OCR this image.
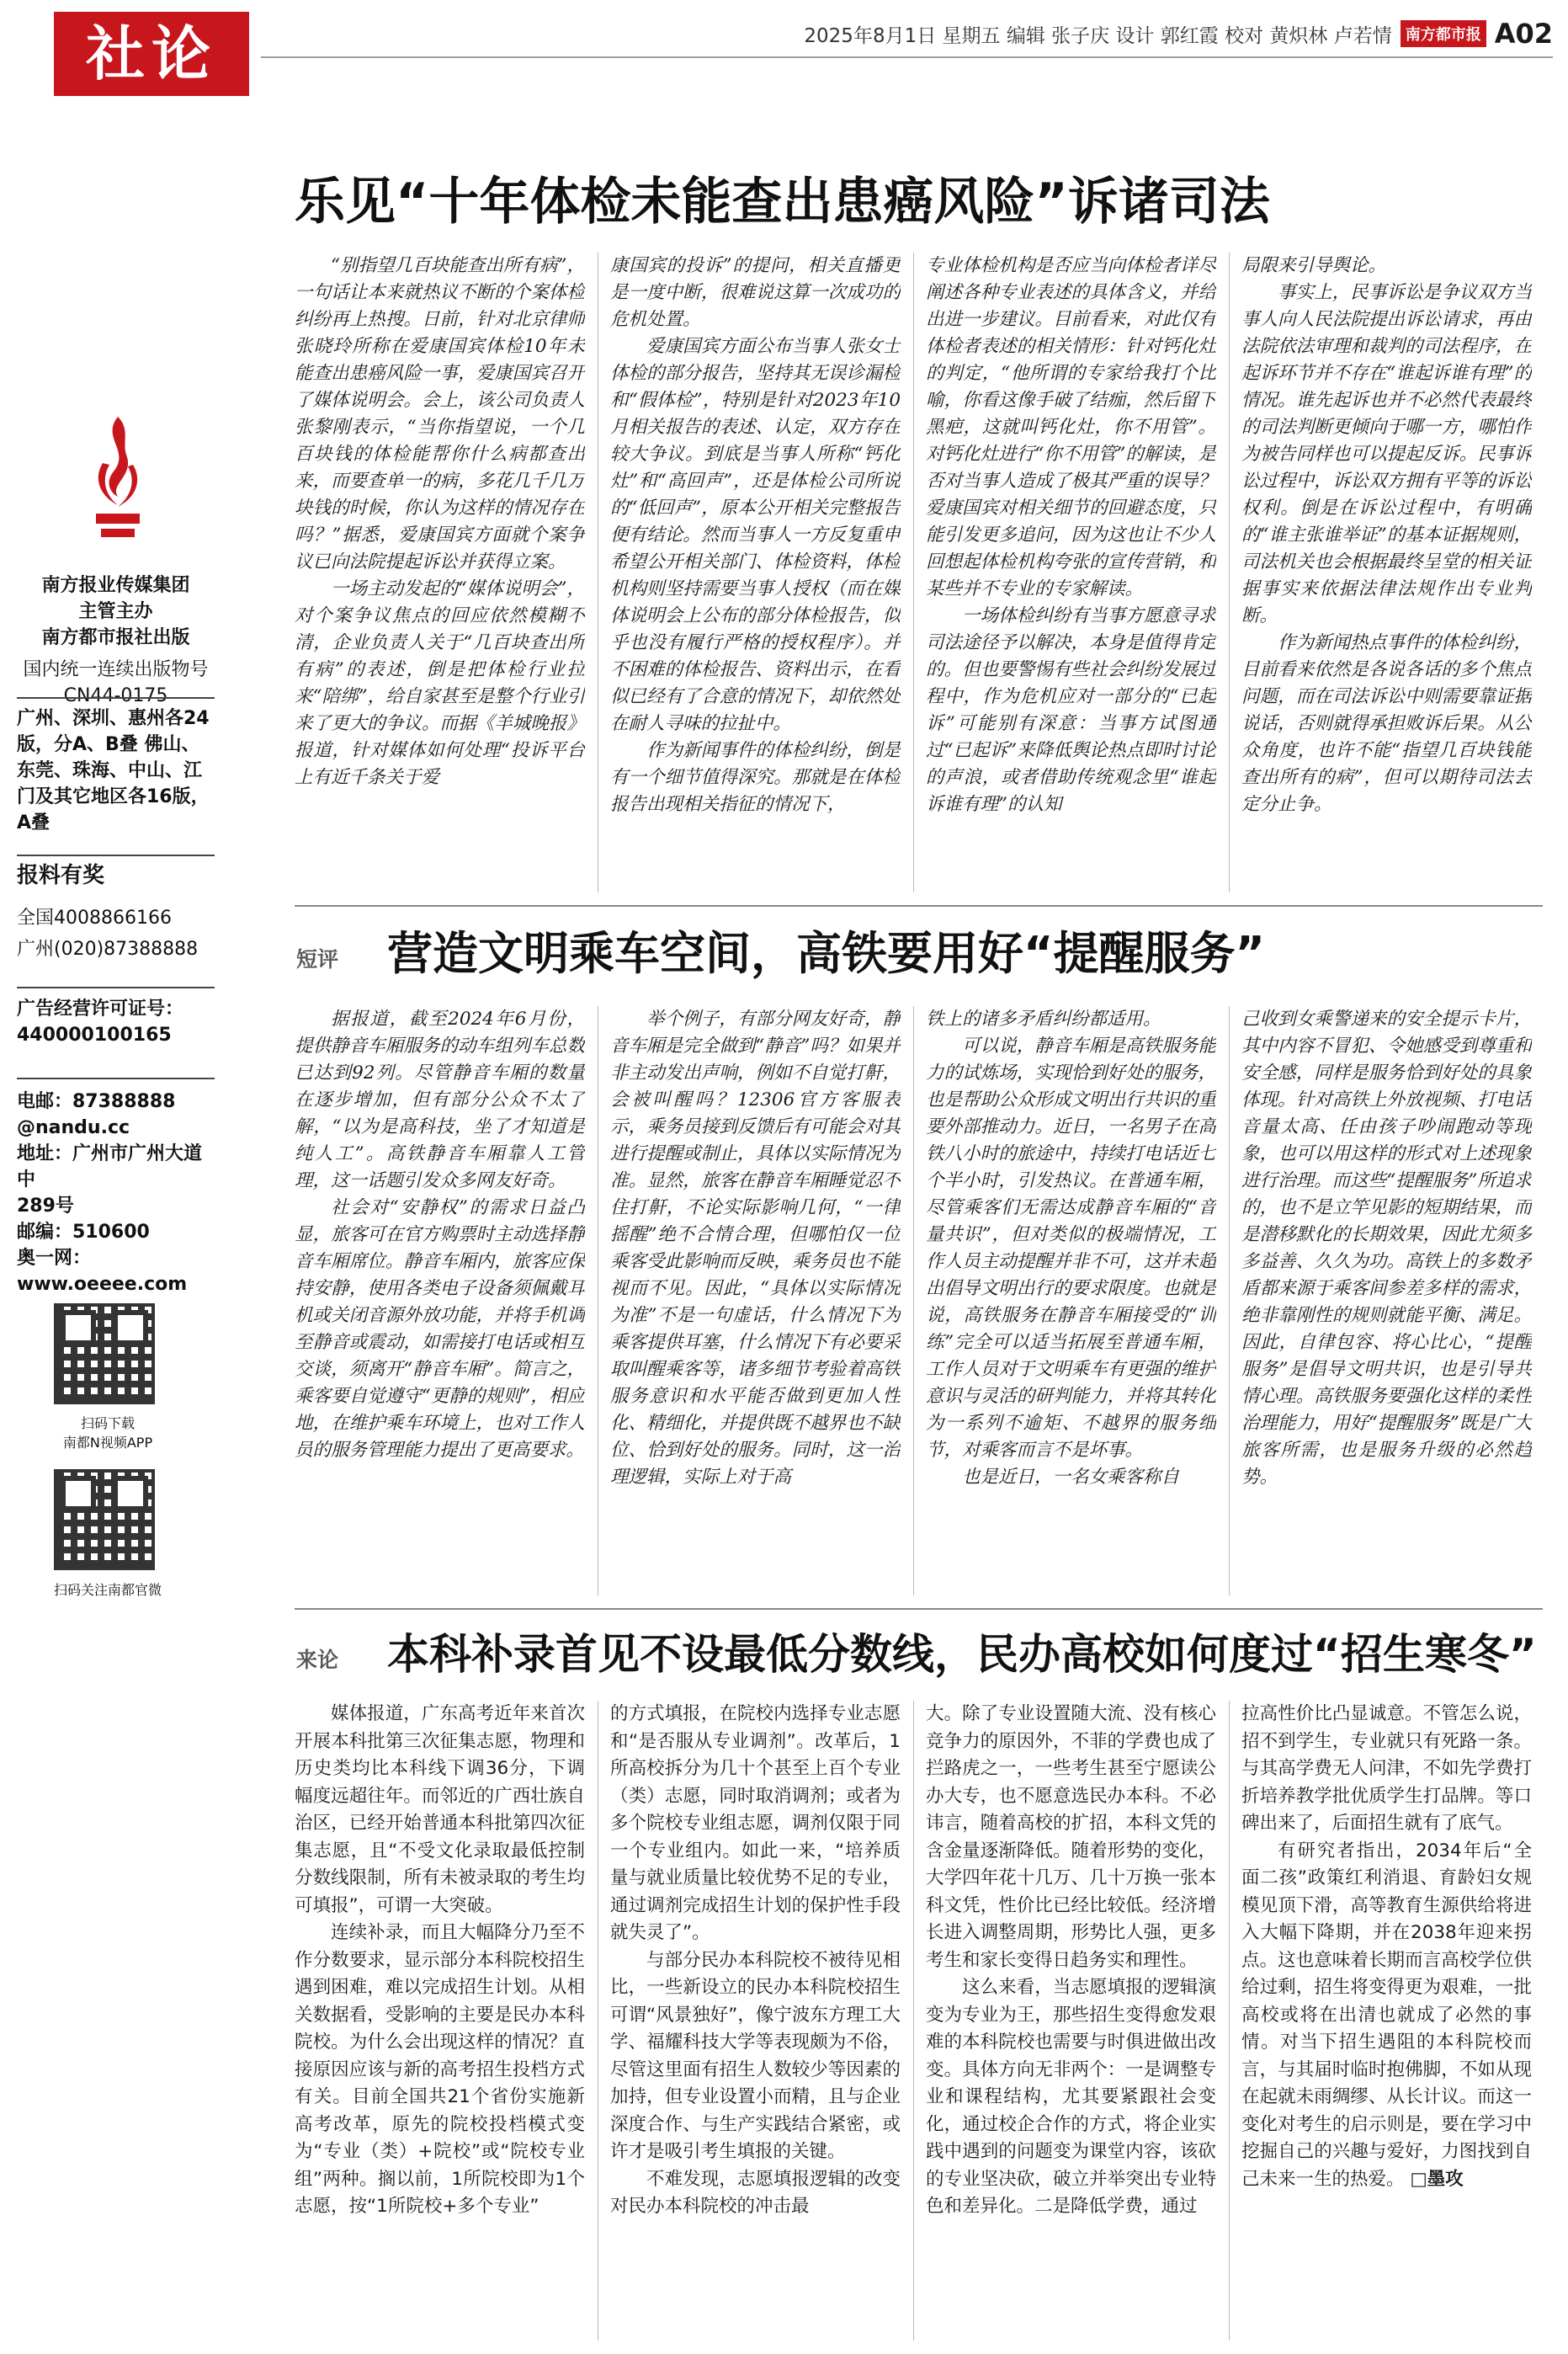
社论	2025年8月1日 星期五 编辑 张子庆 设计 郭红霞 校对 黄炽林 卢若情 南方都市报 A02
南方报业传媒集团
主管主办
南方都市报社出版
国内统一连续出版物号
CN44-0175
广州、深圳、惠州各24版，分A、B叠 佛山、东莞、珠海、中山、江门及其它地区各16版，A叠
报料有奖
全国4008866166
广州(020)87388888
广告经营许可证号：
440000100165
电邮：87388888
@nandu.cc
地址：广州市广州大道中
289号
邮编：510600
奥一网：
www.oeeee.com
扫码下载
南都N视频APP
扫码关注南都官微
乐见“十年体检未能查出患癌风险”诉诸司法

“别指望几百块能查出所有病”，一句话让本来就热议不断的个案体检纠纷再上热搜。日前，针对北京律师张晓玲所称在爱康国宾体检10年未能查出患癌风险一事，爱康国宾召开了媒体说明会。会上，该公司负责人张黎刚表示，“当你指望说，一个几百块钱的体检能帮你什么病都查出来，而要查单一的病，多花几千几万块钱的时候，你认为这样的情况存在吗？”据悉，爱康国宾方面就个案争议已向法院提起诉讼并获得立案。

一场主动发起的“媒体说明会”，对个案争议焦点的回应依然模糊不清，企业负责人关于“几百块查出所有病”的表述，倒是把体检行业拉来“陪绑”，给自家甚至是整个行业引来了更大的争议。而据《羊城晚报》报道，针对媒体如何处理“投诉平台上有近千条关于爱

康国宾的投诉”的提问，相关直播更是一度中断，很难说这算一次成功的危机处置。

爱康国宾方面公布当事人张女士体检的部分报告，坚持其无误诊漏检和“假体检”，特别是针对2023年10月相关报告的表述、认定，双方存在较大争议。到底是当事人所称“钙化灶”和“高回声”，还是体检公司所说的“低回声”，原本公开相关完整报告便有结论。然而当事人一方反复重申希望公开相关部门、体检资料，体检机构则坚持需要当事人授权（而在媒体说明会上公布的部分体检报告，似乎也没有履行严格的授权程序）。并不困难的体检报告、资料出示，在看似已经有了合意的情况下，却依然处在耐人寻味的拉扯中。

作为新闻事件的体检纠纷，倒是有一个细节值得深究。那就是在体检报告出现相关指征的情况下，

专业体检机构是否应当向体检者详尽阐述各种专业表述的具体含义，并给出进一步建议。目前看来，对此仅有体检者表述的相关情形：针对钙化灶的判定，“他所谓的专家给我打个比喻，你看这像手破了结痂，然后留下黑疤，这就叫钙化灶，你不用管”。对钙化灶进行“你不用管”的解读，是否对当事人造成了极其严重的误导？爱康国宾对相关细节的回避态度，只能引发更多追问，因为这也让不少人回想起体检机构夸张的宣传营销，和某些并不专业的专家解读。

一场体检纠纷有当事方愿意寻求司法途径予以解决，本身是值得肯定的。但也要警惕有些社会纠纷发展过程中，作为危机应对一部分的“已起诉”可能别有深意：当事方试图通过“已起诉”来降低舆论热点即时讨论的声浪，或者借助传统观念里“谁起诉谁有理”的认知

局限来引导舆论。

事实上，民事诉讼是争议双方当事人向人民法院提出诉讼请求，再由法院依法审理和裁判的司法程序，在起诉环节并不存在“谁起诉谁有理”的情况。谁先起诉也并不必然代表最终的司法判断更倾向于哪一方，哪怕作为被告同样也可以提起反诉。民事诉讼过程中，诉讼双方拥有平等的诉讼权利。倒是在诉讼过程中，有明确的“谁主张谁举证”的基本证据规则，司法机关也会根据最终呈堂的相关证据事实来依据法律法规作出专业判断。

作为新闻热点事件的体检纠纷，目前看来依然是各说各话的多个焦点问题，而在司法诉讼中则需要靠证据说话，否则就得承担败诉后果。从公众角度，也许不能“指望几百块钱能查出所有的病”，但可以期待司法去定分止争。

短评 营造文明乘车空间，高铁要用好“提醒服务”

据报道，截至2024年6月份，提供静音车厢服务的动车组列车总数已达到92列。尽管静音车厢的数量在逐步增加，但有部分公众不太了解，“以为是高科技，坐了才知道是纯人工”。高铁静音车厢靠人工管理，这一话题引发众多网友好奇。

社会对“安静权”的需求日益凸显，旅客可在官方购票时主动选择静音车厢席位。静音车厢内，旅客应保持安静，使用各类电子设备须佩戴耳机或关闭音源外放功能，并将手机调至静音或震动，如需接打电话或相互交谈，须离开“静音车厢”。简言之，乘客要自觉遵守“更静的规则”，相应地，在维护乘车环境上，也对工作人员的服务管理能力提出了更高要求。

举个例子，有部分网友好奇，静音车厢是完全做到“静音”吗？如果并非主动发出声响，例如不自觉打鼾，会被叫醒吗？12306官方客服表示，乘务员接到反馈后有可能会对其进行提醒或制止，具体以实际情况为准。显然，旅客在静音车厢睡觉忍不住打鼾，不论实际影响几何，“一律摇醒”绝不合情合理，但哪怕仅一位乘客受此影响而反映，乘务员也不能视而不见。因此，“具体以实际情况为准”不是一句虚话，什么情况下为乘客提供耳塞，什么情况下有必要采取叫醒乘客等，诸多细节考验着高铁服务意识和水平能否做到更加人性化、精细化，并提供既不越界也不缺位、恰到好处的服务。同时，这一治理逻辑，实际上对于高

铁上的诸多矛盾纠纷都适用。

可以说，静音车厢是高铁服务能力的试炼场，实现恰到好处的服务，也是帮助公众形成文明出行共识的重要外部推动力。近日，一名男子在高铁八小时的旅途中，持续打电话近七个半小时，引发热议。在普通车厢，尽管乘客们无需达成静音车厢的“音量共识”，但对类似的极端情况，工作人员主动提醒并非不可，这并未超出倡导文明出行的要求限度。也就是说，高铁服务在静音车厢接受的“训练”完全可以适当拓展至普通车厢，工作人员对于文明乘车有更强的维护意识与灵活的研判能力，并将其转化为一系列不逾矩、不越界的服务细节，对乘客而言不是坏事。

也是近日，一名女乘客称自

己收到女乘警递来的安全提示卡片，其中内容不冒犯、令她感受到尊重和安全感，同样是服务恰到好处的具象体现。针对高铁上外放视频、打电话音量太高、任由孩子吵闹跑动等现象，也可以用这样的形式对上述现象进行治理。而这些“提醒服务”所追求的，也不是立竿见影的短期结果，而是潜移默化的长期效果，因此尤须多多益善、久久为功。高铁上的多数矛盾都来源于乘客间参差多样的需求，绝非靠刚性的规则就能平衡、满足。因此，自律包容、将心比心，“提醒服务”是倡导文明共识，也是引导共情心理。高铁服务要强化这样的柔性治理能力，用好“提醒服务”既是广大旅客所需，也是服务升级的必然趋势。

来论 本科补录首见不设最低分数线，民办高校如何度过“招生寒冬”

媒体报道，广东高考近年来首次开展本科批第三次征集志愿，物理和历史类均比本科线下调36分，下调幅度远超往年。而邻近的广西壮族自治区，已经开始普通本科批第四次征集志愿，且“不受文化录取最低控制分数线限制，所有未被录取的考生均可填报”，可谓一大突破。

连续补录，而且大幅降分乃至不作分数要求，显示部分本科院校招生遇到困难，难以完成招生计划。从相关数据看，受影响的主要是民办本科院校。为什么会出现这样的情况？直接原因应该与新的高考招生投档方式有关。目前全国共21个省份实施新高考改革，原先的院校投档模式变为“专业（类）+院校”或“院校专业组”两种。搁以前，1所院校即为1个志愿，按“1所院校+多个专业”

的方式填报，在院校内选择专业志愿和“是否服从专业调剂”。改革后，1所高校拆分为几十个甚至上百个专业（类）志愿，同时取消调剂；或者为多个院校专业组志愿，调剂仅限于同一个专业组内。如此一来，“培养质量与就业质量比较优势不足的专业，通过调剂完成招生计划的保护性手段就失灵了”。

与部分民办本科院校不被待见相比，一些新设立的民办本科院校招生可谓“风景独好”，像宁波东方理工大学、福耀科技大学等表现颇为不俗，尽管这里面有招生人数较少等因素的加持，但专业设置小而精，且与企业深度合作、与生产实践结合紧密，或许才是吸引考生填报的关键。

不难发现，志愿填报逻辑的改变对民办本科院校的冲击最

大。除了专业设置随大流、没有核心竞争力的原因外，不菲的学费也成了拦路虎之一，一些考生甚至宁愿读公办大专，也不愿意选民办本科。不必讳言，随着高校的扩招，本科文凭的含金量逐渐降低。随着形势的变化，大学四年花十几万、几十万换一张本科文凭，性价比已经比较低。经济增长进入调整周期，形势比人强，更多考生和家长变得日趋务实和理性。

这么来看，当志愿填报的逻辑演变为专业为王，那些招生变得愈发艰难的本科院校也需要与时俱进做出改变。具体方向无非两个：一是调整专业和课程结构，尤其要紧跟社会变化，通过校企合作的方式，将企业实践中遇到的问题变为课堂内容，该砍的专业坚决砍，破立并举突出专业特色和差异化。二是降低学费，通过

拉高性价比凸显诚意。不管怎么说，招不到学生，专业就只有死路一条。与其高学费无人问津，不如先学费打折培养教学批优质学生打品牌。等口碑出来了，后面招生就有了底气。

有研究者指出，2034年后“全面二孩”政策红利消退、育龄妇女规模见顶下滑，高等教育生源供给将进入大幅下降期，并在2038年迎来拐点。这也意味着长期而言高校学位供给过剩，招生将变得更为艰难，一批高校或将在出清也就成了必然的事情。对当下招生遇阻的本科院校而言，与其届时临时抱佛脚，不如从现在起就未雨绸缪、从长计议。而这一变化对考生的启示则是，要在学习中挖掘自己的兴趣与爱好，力图找到自己未来一生的热爱。 □墨攻
